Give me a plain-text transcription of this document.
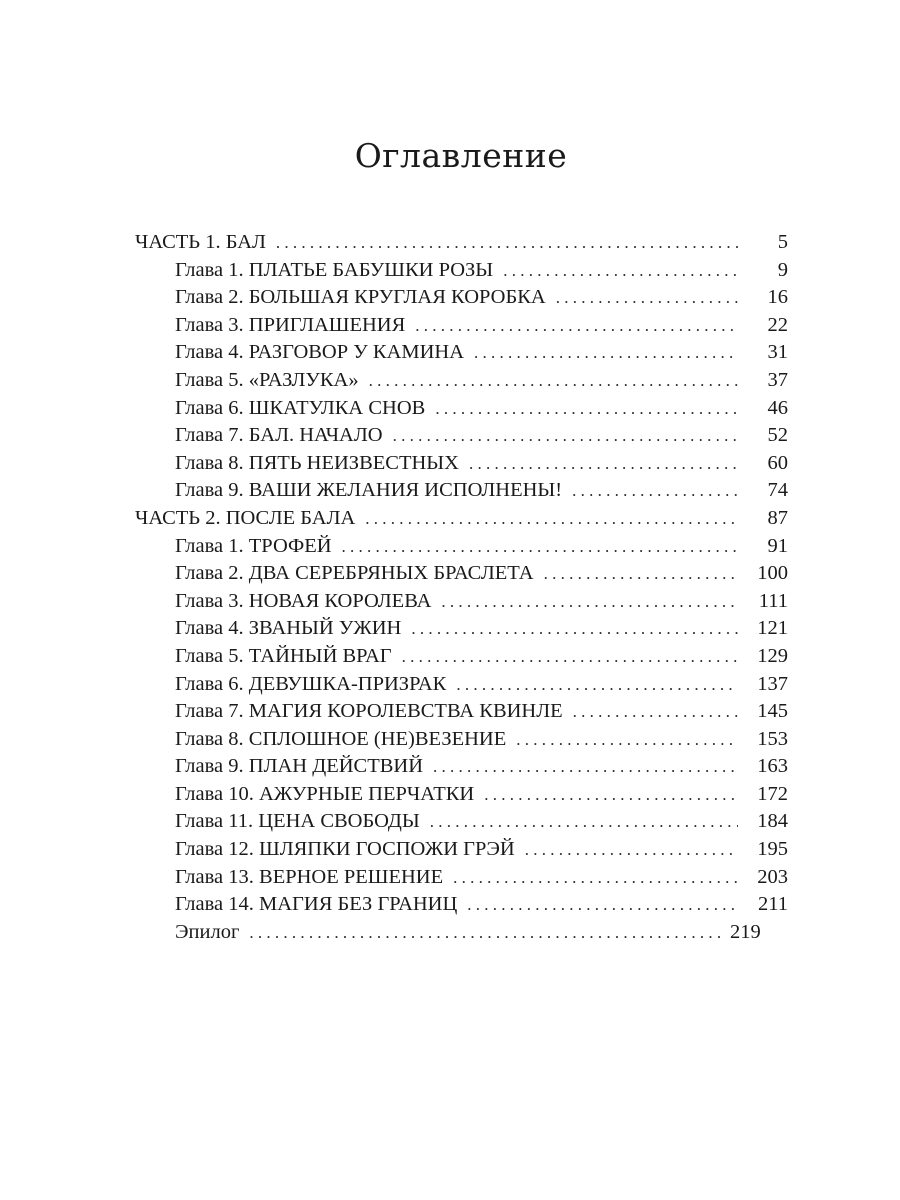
Оглавление
ЧАСТЬ 1. БАЛ . . .	5
Глава 1. ПЛАТЬЕ БАБУШКИ РОЗЫ . . .	9
Глава 2. БОЛЬШАЯ КРУГЛАЯ КОРОБКА . . .	16
Глава 3. ПРИГЛАШЕНИЯ . . .	22
Глава 4. РАЗГОВОР У КАМИНА . . .	31
Глава 5. «РАЗЛУКА» . . .	37
Глава 6. ШКАТУЛКА СНОВ . . .	46
Глава 7. БАЛ. НАЧАЛО . . .	52
Глава 8. ПЯТЬ НЕИЗВЕСТНЫХ . . .	60
Глава 9. ВАШИ ЖЕЛАНИЯ ИСПОЛНЕНЫ! . . .	74
ЧАСТЬ 2. ПОСЛЕ БАЛА . . .	87
Глава 1. ТРОФЕЙ . . .	91
Глава 2. ДВА СЕРЕБРЯНЫХ БРАСЛЕТА . . .	100
Глава 3. НОВАЯ КОРОЛЕВА . . .	111
Глава 4. ЗВАНЫЙ УЖИН . . .	121
Глава 5. ТАЙНЫЙ ВРАГ . . .	129
Глава 6. ДЕВУШКА-ПРИЗРАК . . .	137
Глава 7. МАГИЯ КОРОЛЕВСТВА КВИНЛЕ . . .	145
Глава 8. СПЛОШНОЕ (НЕ)ВЕЗЕНИЕ . . .	153
Глава 9. ПЛАН ДЕЙСТВИЙ . . .	163
Глава 10. АЖУРНЫЕ ПЕРЧАТКИ . . .	172
Глава 11. ЦЕНА СВОБОДЫ . . .	184
Глава 12. ШЛЯПКИ ГОСПОЖИ ГРЭЙ . . .	195
Глава 13. ВЕРНОЕ РЕШЕНИЕ . . .	203
Глава 14. МАГИЯ БЕЗ ГРАНИЦ . . .	211
Эпилог . . .	219
